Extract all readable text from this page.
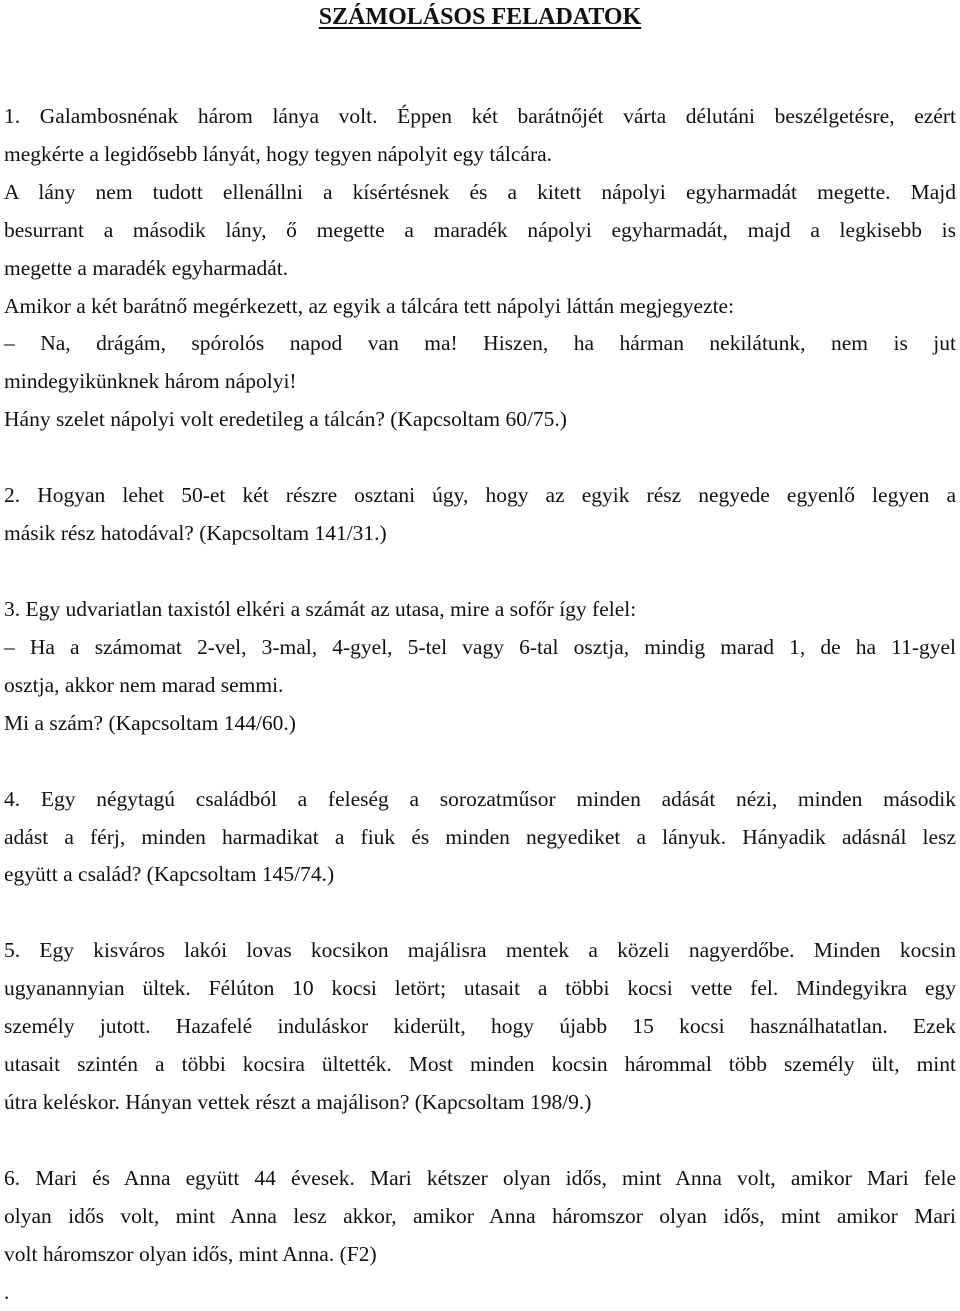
SZÁMOLÁSOS FELADATOK
1. Galambosnénak három lánya volt. Éppen két barátnőjét várta délutáni beszélgetésre, ezért
megkérte a legidősebb lányát, hogy tegyen nápolyit egy tálcára.
A lány nem tudott ellenállni a kísértésnek és a kitett nápolyi egyharmadát megette. Majd
besurrant a második lány, ő megette a maradék nápolyi egyharmadát, majd a legkisebb is
megette a maradék egyharmadát.
Amikor a két barátnő megérkezett, az egyik a tálcára tett nápolyi láttán megjegyezte:
– Na, drágám, spórolós napod van ma! Hiszen, ha hárman nekilátunk, nem is jut
mindegyikünknek három nápolyi!
Hány szelet nápolyi volt eredetileg a tálcán? (Kapcsoltam 60/75.)
2. Hogyan lehet 50-et két részre osztani úgy, hogy az egyik rész negyede egyenlő legyen a
másik rész hatodával? (Kapcsoltam 141/31.)
3. Egy udvariatlan taxistól elkéri a számát az utasa, mire a sofőr így felel:
– Ha a számomat 2-vel, 3-mal, 4-gyel, 5-tel vagy 6-tal osztja, mindig marad 1, de ha 11-gyel
osztja, akkor nem marad semmi.
Mi a szám? (Kapcsoltam 144/60.)
4. Egy négytagú családból a feleség a sorozatműsor minden adását nézi, minden második
adást a férj, minden harmadikat a fiuk és minden negyediket a lányuk. Hányadik adásnál lesz
együtt a család? (Kapcsoltam 145/74.)
5. Egy kisváros lakói lovas kocsikon majálisra mentek a közeli nagyerdőbe. Minden kocsin
ugyanannyian ültek. Félúton 10 kocsi letört; utasait a többi kocsi vette fel. Mindegyikra egy
személy jutott. Hazafelé induláskor kiderült, hogy újabb 15 kocsi használhatatlan. Ezek
utasait szintén a többi kocsira ültették. Most minden kocsin hárommal több személy ült, mint
útra keléskor. Hányan vettek részt a majálison? (Kapcsoltam 198/9.)
6. Mari és Anna együtt 44 évesek. Mari kétszer olyan idős, mint Anna volt, amikor Mari fele
olyan idős volt, mint Anna lesz akkor, amikor Anna háromszor olyan idős, mint amikor Mari
volt háromszor olyan idős, mint Anna. (F2)
.
